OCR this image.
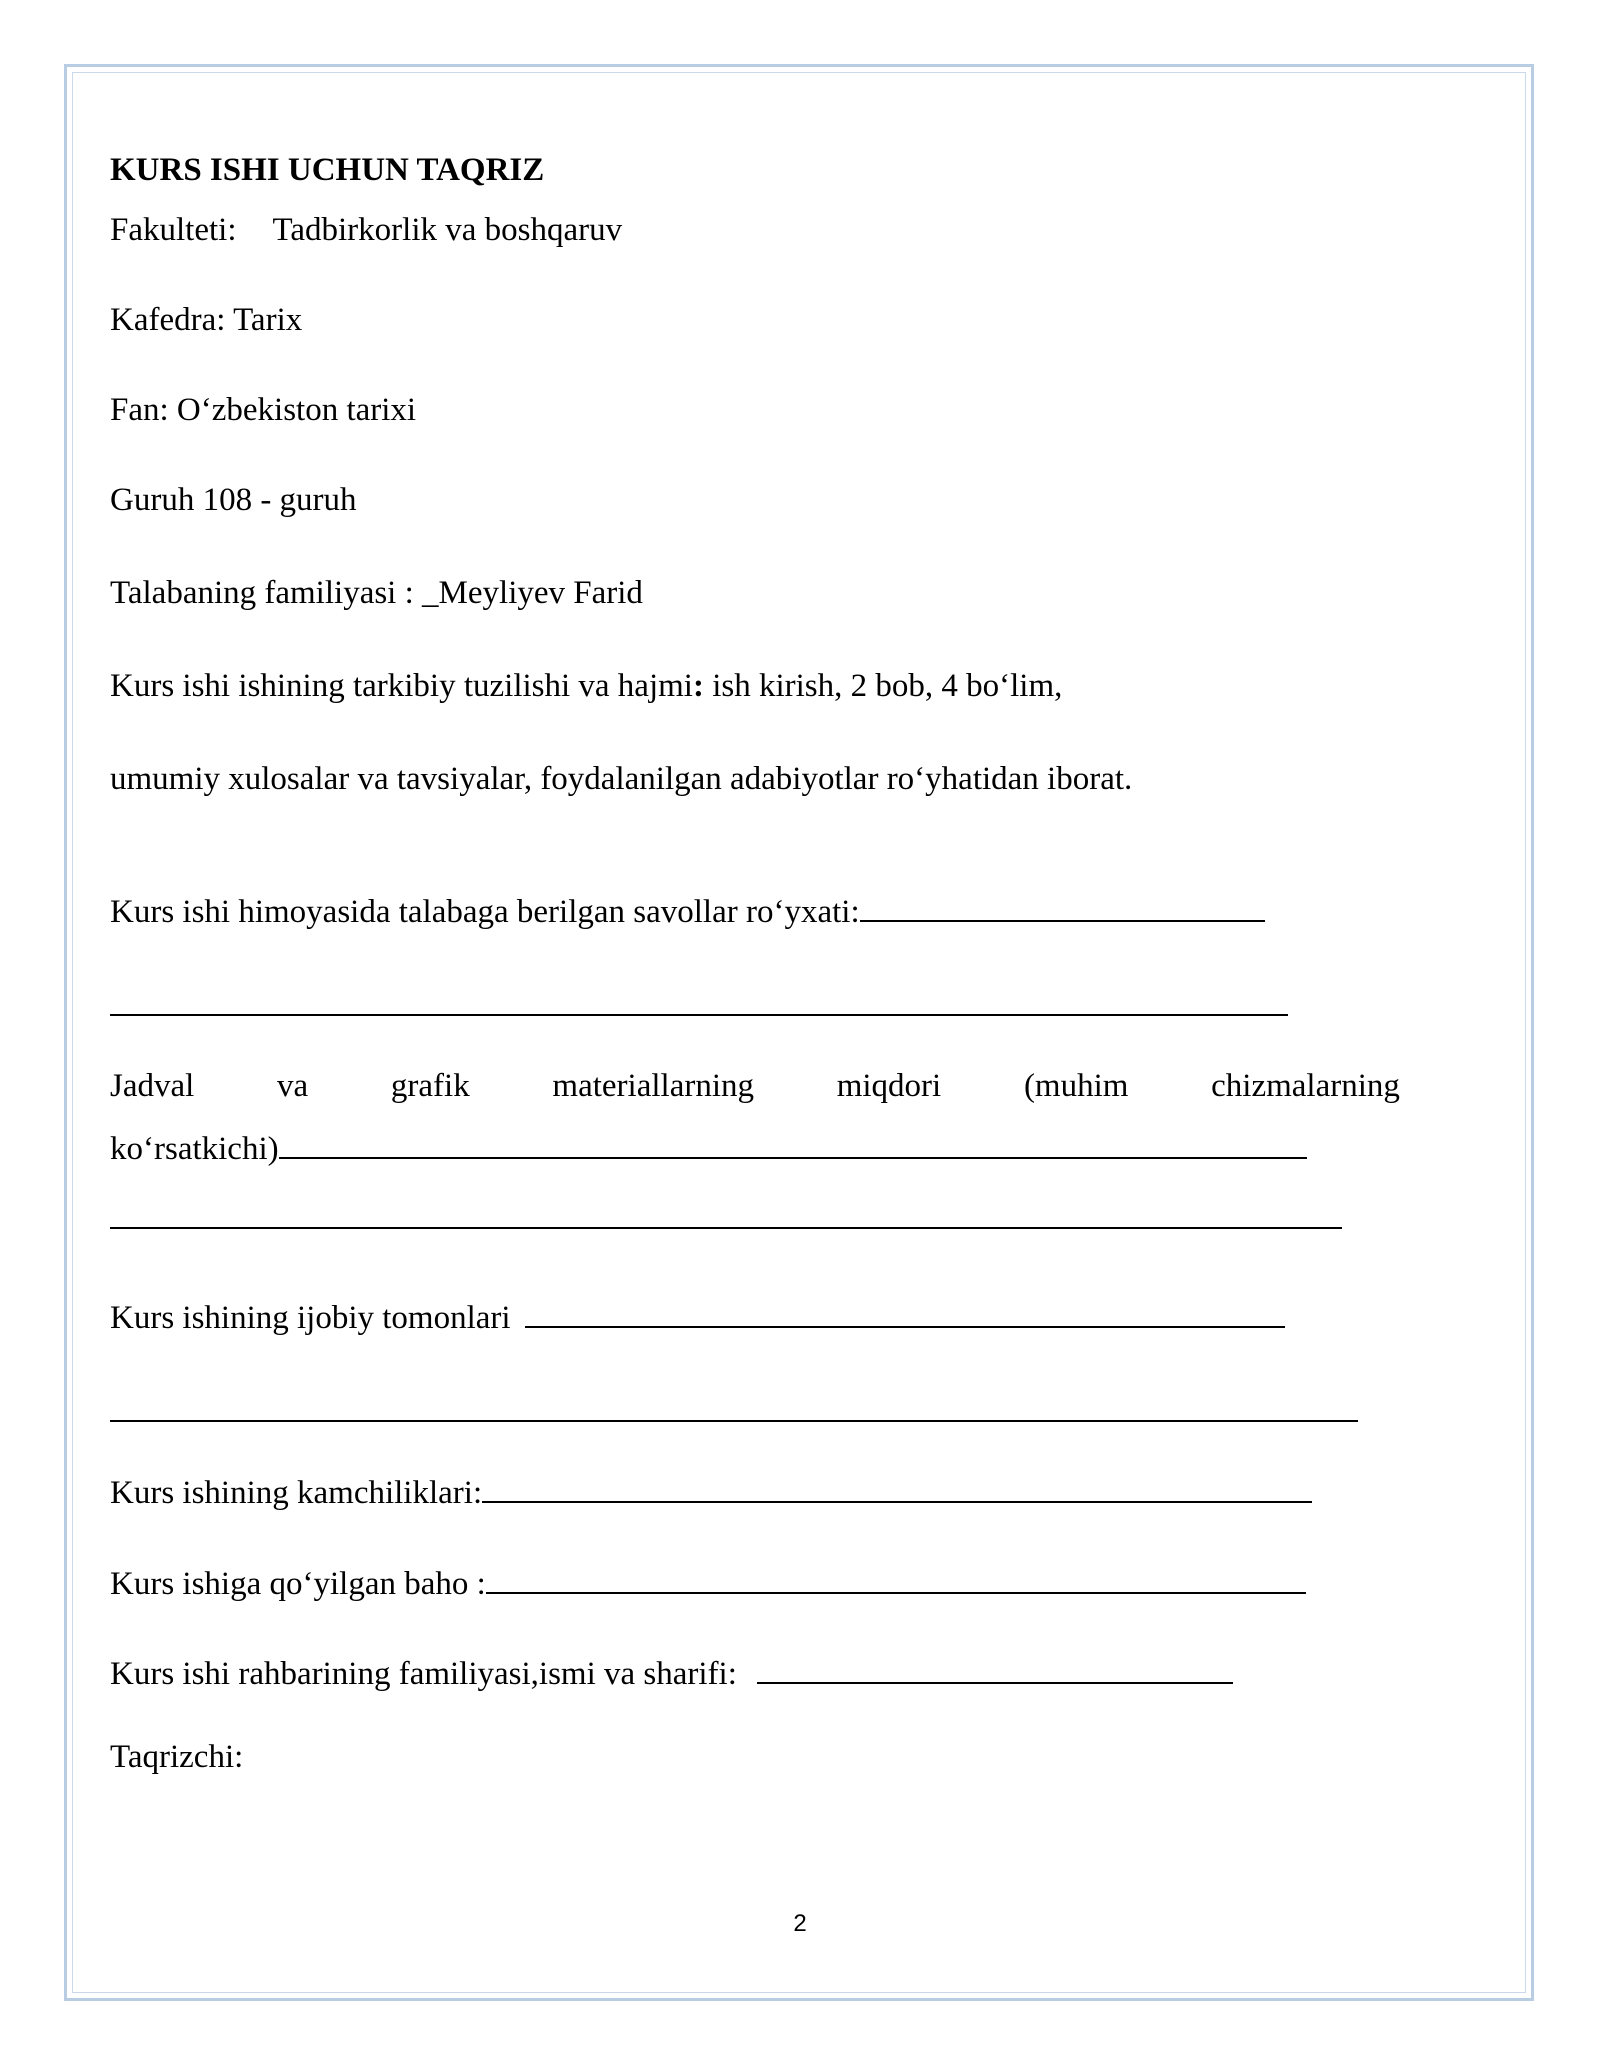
KURS ISHI UCHUN TAQRIZ
Fakulteti: Tadbirkorlik va boshqaruv
Kafedra: Tarix
Fan: O‘zbekiston tarixi
Guruh 108 - guruh
Talabaning familiyasi : _Meyliyev Farid
Kurs ishi ishining tarkibiy tuzilishi va hajmi: ish kirish, 2 bob, 4 bo‘lim,
umumiy xulosalar va tavsiyalar, foydalanilgan adabiyotlar ro‘yhatidan iborat.
Kurs ishi himoyasida talabaga berilgan savollar ro‘yxati:
Jadval	va	grafik	materiallarning	miqdori	(muhim	chizmalarning
ko‘rsatkichi)
Kurs ishining ijobiy tomonlari
Kurs ishining kamchiliklari:
Kurs ishiga qo‘yilgan baho :
Kurs ishi rahbarining familiyasi,ismi va sharifi:
Taqrizchi:
2
